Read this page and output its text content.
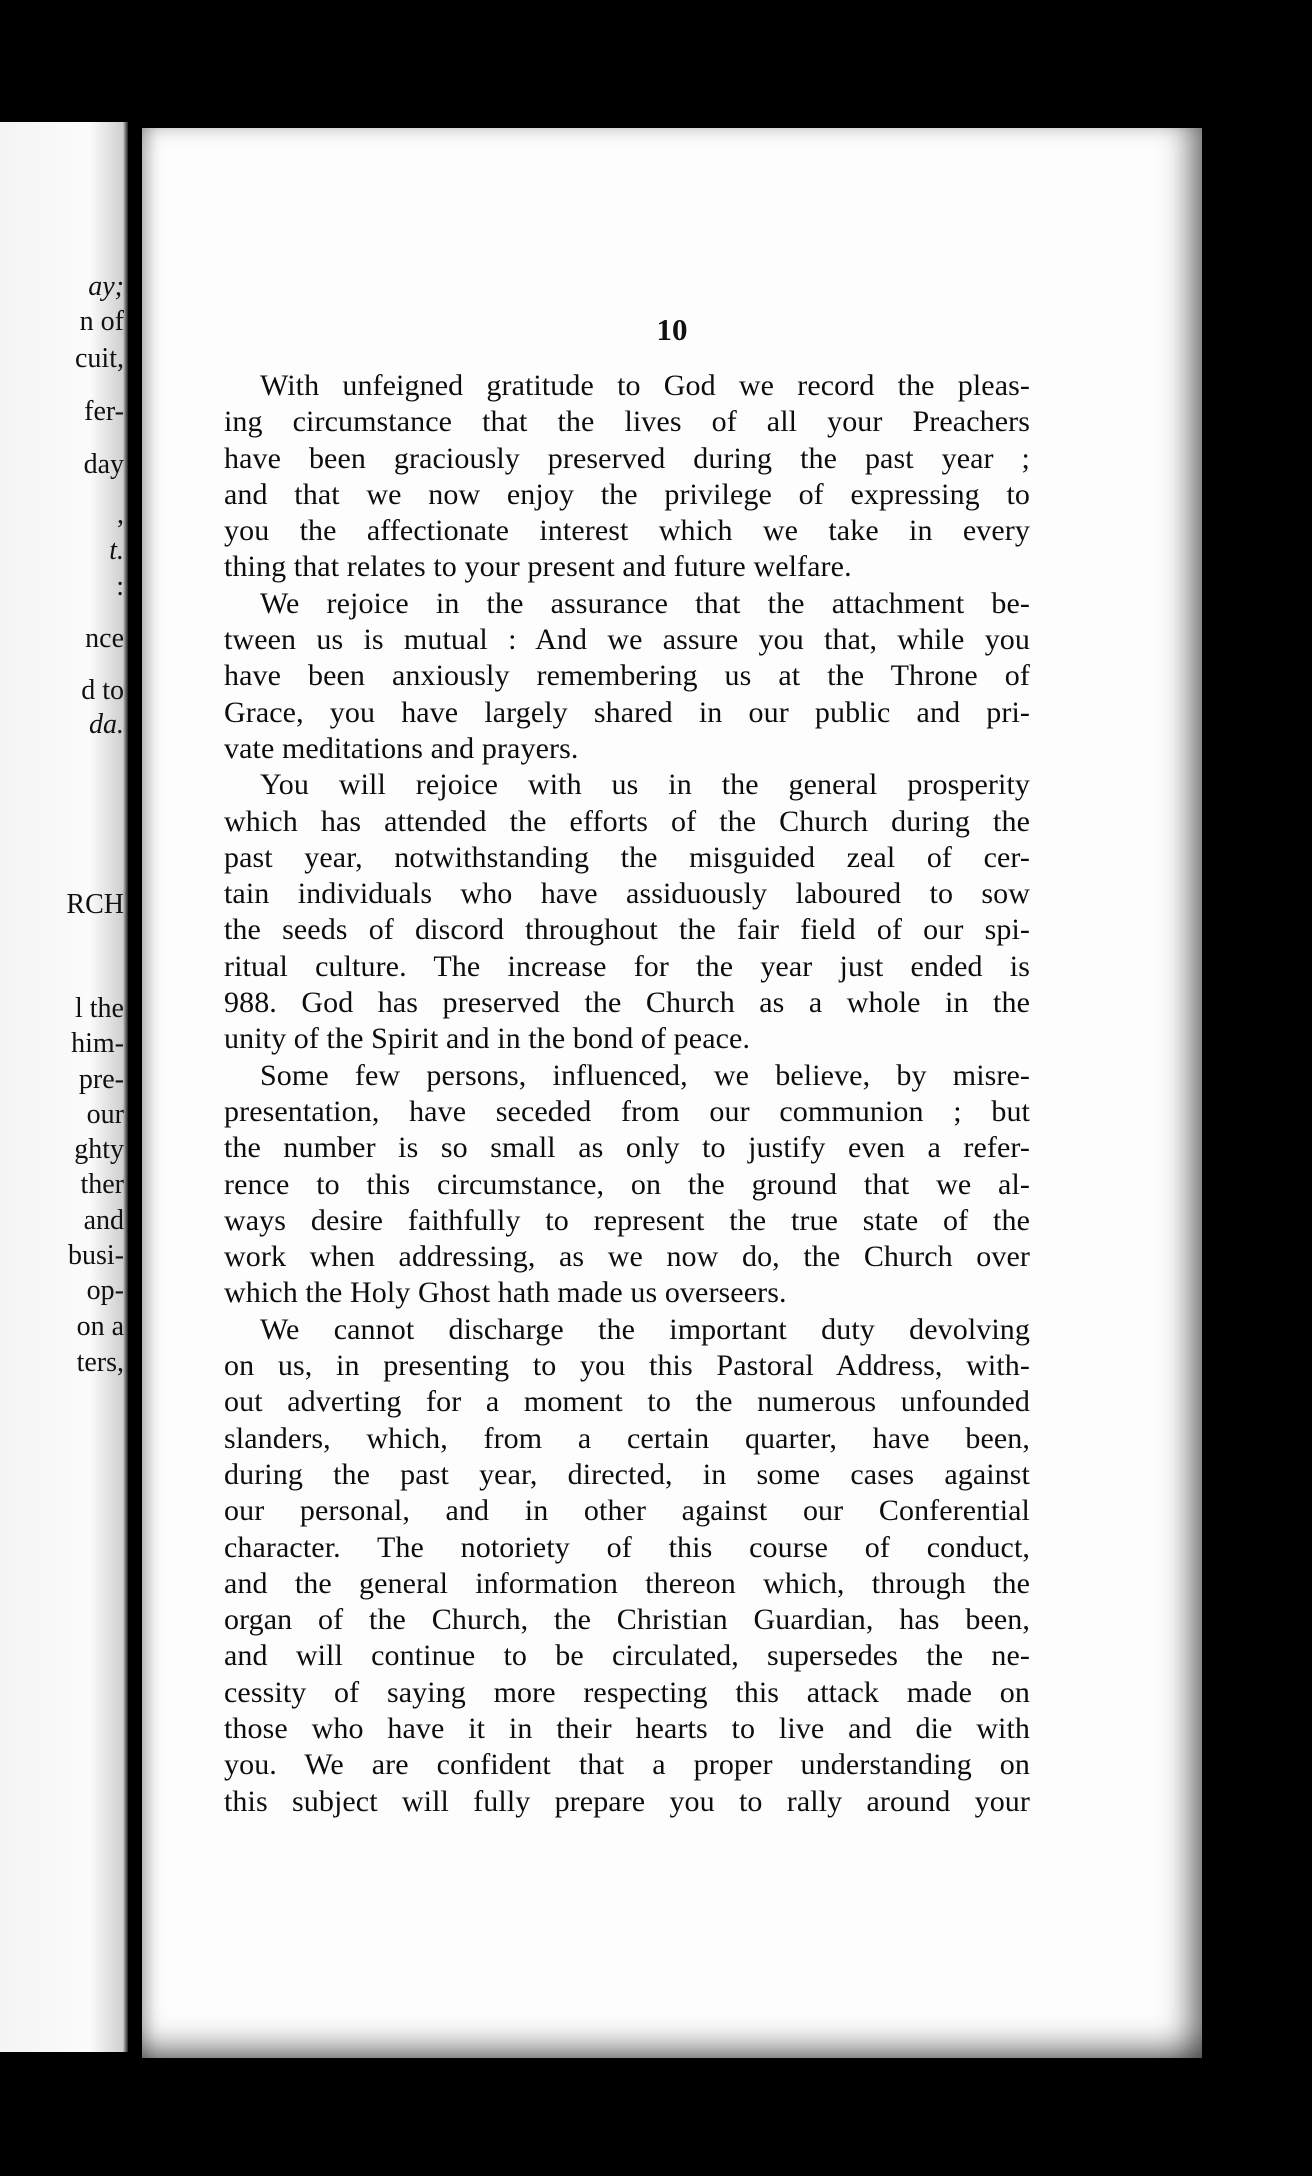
ay;

n of

cuit,

fer-

day

,

t.

:

nce

d to

da.

RCH

l the

him-

pre-

our

ghty

ther

and

busi-

op-

on a

ters,

10

With unfeigned gratitude to God we record the pleas-
ing circumstance that the lives of all your Preachers
have been graciously preserved during the past year ;
and that we now enjoy the privilege of expressing to
you the affectionate interest which we take in every
thing that relates to your present and future welfare.
We rejoice in the assurance that the attachment be-
tween us is mutual : And we assure you that, while you
have been anxiously remembering us at the Throne of
Grace, you have largely shared in our public and pri-
vate meditations and prayers.
You will rejoice with us in the general prosperity
which has attended the efforts of the Church during the
past year, notwithstanding the misguided zeal of cer-
tain individuals who have assiduously laboured to sow
the seeds of discord throughout the fair field of our spi-
ritual culture. The increase for the year just ended is
988. God has preserved the Church as a whole in the
unity of the Spirit and in the bond of peace.
Some few persons, influenced, we believe, by misre-
presentation, have seceded from our communion ; but
the number is so small as only to justify even a refer-
rence to this circumstance, on the ground that we al-
ways desire faithfully to represent the true state of the
work when addressing, as we now do, the Church over
which the Holy Ghost hath made us overseers.
We cannot discharge the important duty devolving
on us, in presenting to you this Pastoral Address, with-
out adverting for a moment to the numerous unfounded
slanders, which, from a certain quarter, have been,
during the past year, directed, in some cases against
our personal, and in other against our Conferential
character. The notoriety of this course of conduct,
and the general information thereon which, through the
organ of the Church, the Christian Guardian, has been,
and will continue to be circulated, supersedes the ne-
cessity of saying more respecting this attack made on
those who have it in their hearts to live and die with
you. We are confident that a proper understanding on
this subject will fully prepare you to rally around your
